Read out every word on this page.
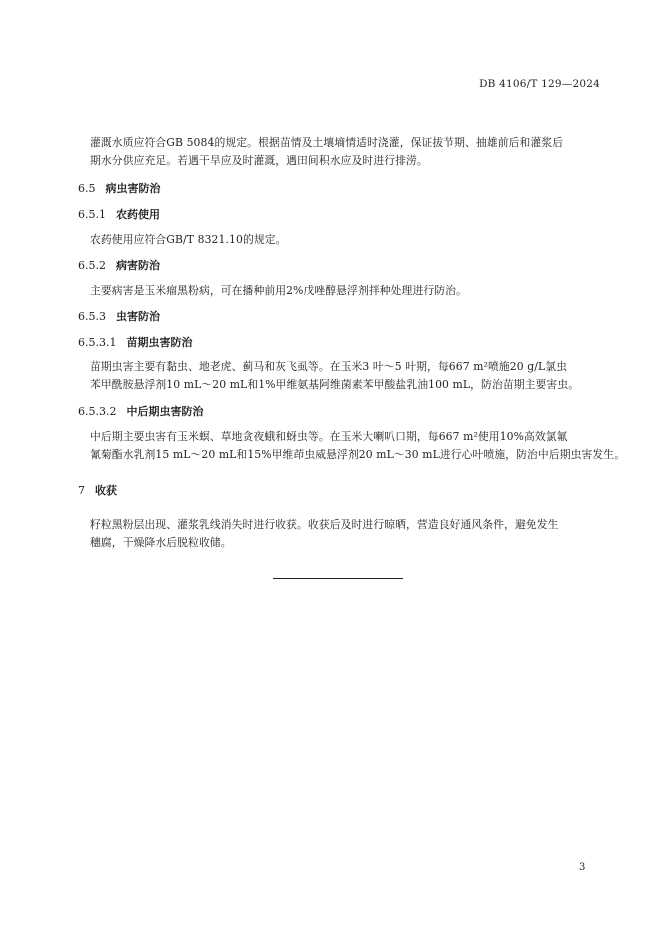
DB 4106/T 129—2024
灌溉水质应符合GB 5084的规定。根据苗情及土壤墒情适时浇灌，保证拔节期、抽雄前后和灌浆后
期水分供应充足。若遇干旱应及时灌溉，遇田间积水应及时进行排涝。
6.5 病虫害防治
6.5.1 农药使用
农药使用应符合GB/T 8321.10的规定。
6.5.2 病害防治
主要病害是玉米瘤黑粉病，可在播种前用2%戊唑醇悬浮剂拌种处理进行防治。
6.5.3 虫害防治
6.5.3.1 苗期虫害防治
苗期虫害主要有黏虫、地老虎、蓟马和灰飞虱等。在玉米3 叶～5 叶期，每667 m²喷施20 g/L氯虫
苯甲酰胺悬浮剂10 mL～20 mL和1%甲维氨基阿维菌素苯甲酸盐乳油100 mL，防治苗期主要害虫。
6.5.3.2 中后期虫害防治
中后期主要虫害有玉米螟、草地贪夜蛾和蚜虫等。在玉米大喇叭口期，每667 m²使用10%高效氯氟
氰菊酯水乳剂15 mL～20 mL和15%甲维茚虫威悬浮剂20 mL～30 mL进行心叶喷施，防治中后期虫害发生。
7 收获
籽粒黑粉层出现、灌浆乳线消失时进行收获。收获后及时进行晾晒，营造良好通风条件，避免发生
穗腐，干燥降水后脱粒收储。
3
